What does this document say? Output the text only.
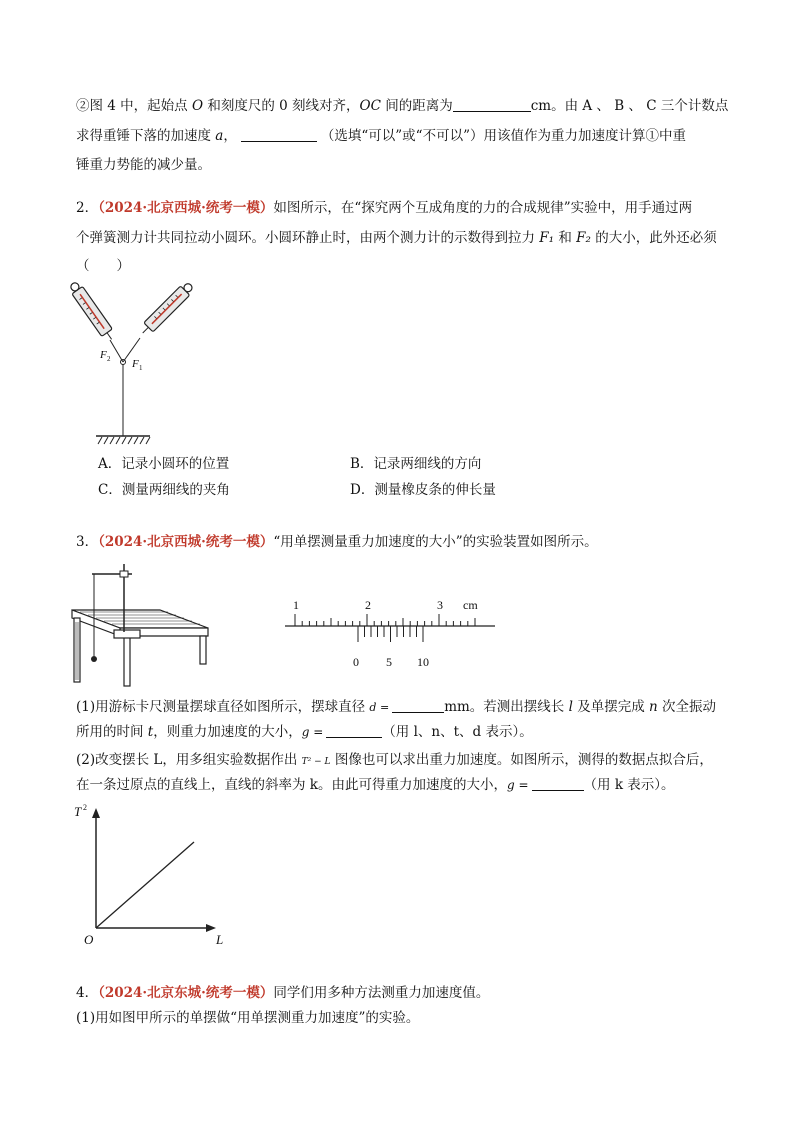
②图 4 中，起始点 O 和刻度尺的 0 刻线对齐，OC 间的距离为	cm。由 A 、 B 、 C 三个计数点
求得重锤下落的加速度 a，	（选填“可以”或“不可以”）用该值作为重力加速度计算①中重
锤重力势能的减少量。
2．（2024·北京西城·统考一模）如图所示，在“探究两个互成角度的力的合成规律”实验中，用手通过两
个弹簧测力计共同拉动小圆环。小圆环静止时，由两个测力计的示数得到拉力 F₁ 和 F₂ 的大小，此外还必须
（　　）
F 2 F 1
A．记录小圆环的位置	B．记录两细线的方向
C．测量两细线的夹角	D．测量橡皮条的伸长量
3．（2024·北京西城·统考一模）“用单摆测量重力加速度的大小”的实验装置如图所示。
1	2	3 cm
0 5 10
(1)用游标卡尺测量摆球直径如图所示，摆球直径 d =	mm。若测出摆线长 l 及单摆完成 n 次全振动
所用的时间 t，则重力加速度的大小，g =	（用 l、n、t、d 表示）。
(2)改变摆长 L，用多组实验数据作出 T² − L 图像也可以求出重力加速度。如图所示，测得的数据点拟合后，
在一条过原点的直线上，直线的斜率为 k。由此可得重力加速度的大小，g =	（用 k 表示）。
T 2
O	L
4．（2024·北京东城·统考一模）同学们用多种方法测重力加速度值。
(1)用如图甲所示的单摆做“用单摆测重力加速度”的实验。
